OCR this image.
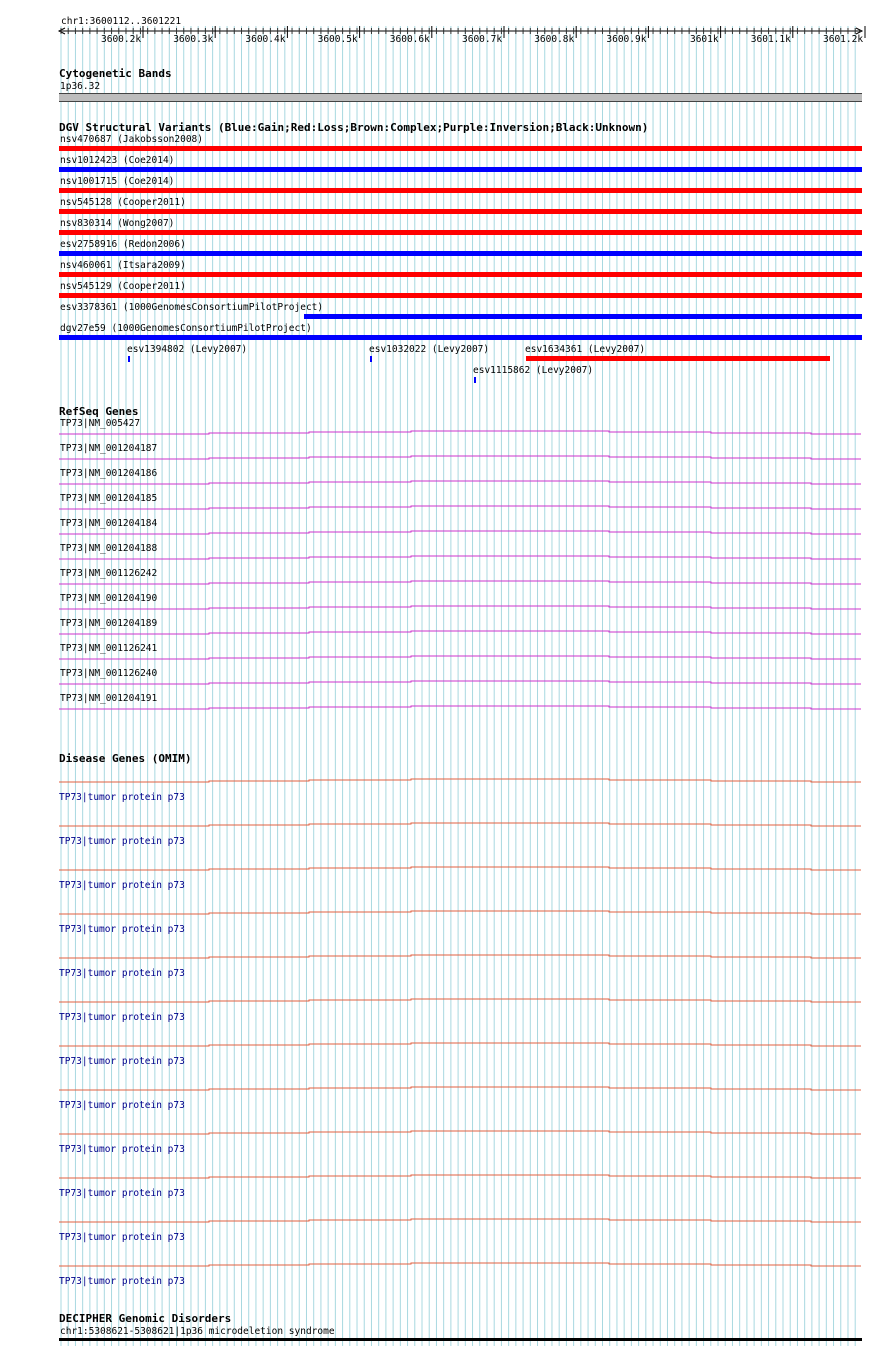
chr1:3600112..3601221
3600.2k	3600.3k	3600.4k	3600.5k	3600.6k	3600.7k	3600.8k	3600.9k	3601k	3601.1k	3601.2k
Cytogenetic Bands
1p36.32
DGV Structural Variants (Blue:Gain;Red:Loss;Brown:Complex;Purple:Inversion;Black:Unknown)
nsv470687 (Jakobsson2008)
nsv1012423 (Coe2014)
nsv1001715 (Coe2014)
nsv545128 (Cooper2011)
nsv830314 (Wong2007)
esv2758916 (Redon2006)
nsv460061 (Itsara2009)
nsv545129 (Cooper2011)
esv3378361 (1000GenomesConsortiumPilotProject)
dgv27e59 (1000GenomesConsortiumPilotProject)
esv1394802 (Levy2007)	esv1032022 (Levy2007)	esv1634361 (Levy2007)
esv1115862 (Levy2007)
TP73|NM_005427
TP73|NM_001204187
TP73|NM_001204186
TP73|NM_001204185
TP73|NM_001204184
TP73|NM_001204188
TP73|NM_001126242
TP73|NM_001204190
TP73|NM_001204189
TP73|NM_001126241
TP73|NM_001126240
TP73|NM_001204191
TP73|tumor protein p73
TP73|tumor protein p73
TP73|tumor protein p73
TP73|tumor protein p73
TP73|tumor protein p73
TP73|tumor protein p73
TP73|tumor protein p73
TP73|tumor protein p73
TP73|tumor protein p73
TP73|tumor protein p73
TP73|tumor protein p73
TP73|tumor protein p73
RefSeq Genes
Disease Genes (OMIM)
DECIPHER Genomic Disorders
chr1:5308621-5308621|1p36 microdeletion syndrome
